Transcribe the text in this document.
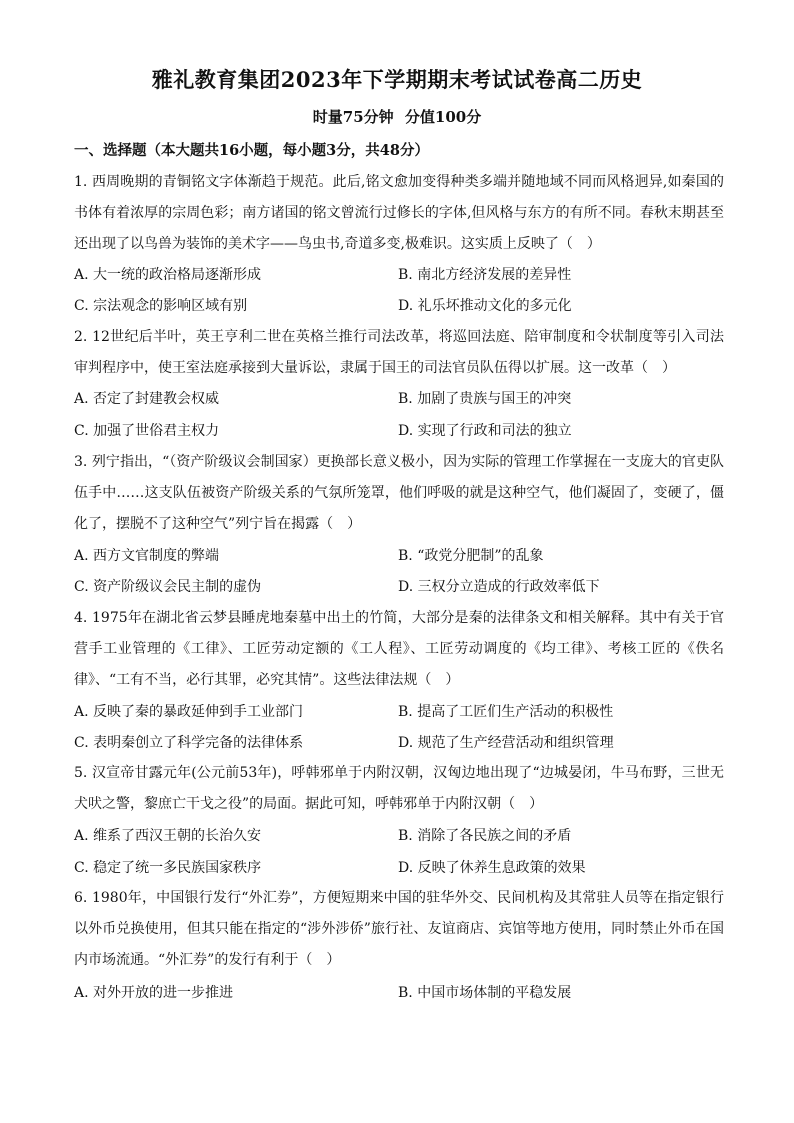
雅礼教育集团2023年下学期期末考试试卷高二历史
时量75分钟 分值100分
一、选择题（本大题共16小题，每小题3分，共48分）
1. 西周晚期的青铜铭文字体渐趋于规范。此后,铭文愈加变得种类多端并随地域不同而风格迥异,如秦国的书体有着浓厚的宗周色彩；南方诸国的铭文曾流行过修长的字体,但风格与东方的有所不同。春秋末期甚至还出现了以鸟兽为装饰的美术字——鸟虫书,奇道多变,极难识。这实质上反映了（　）
A. 大一统的政治格局逐渐形成	B. 南北方经济发展的差异性
C. 宗法观念的影响区域有别	D. 礼乐坏推动文化的多元化
2. 12世纪后半叶，英王亨利二世在英格兰推行司法改革，将巡回法庭、陪审制度和令状制度等引入司法审判程序中，使王室法庭承接到大量诉讼，隶属于国王的司法官员队伍得以扩展。这一改革（　）
A. 否定了封建教会权威	B. 加剧了贵族与国王的冲突
C. 加强了世俗君主权力	D. 实现了行政和司法的独立
3. 列宁指出，“（资产阶级议会制国家）更换部长意义极小，因为实际的管理工作掌握在一支庞大的官吏队伍手中……这支队伍被资产阶级关系的气氛所笼罩，他们呼吸的就是这种空气，他们凝固了，变硬了，僵化了，摆脱不了这种空气”列宁旨在揭露（　）
A. 西方文官制度的弊端	B. “政党分肥制”的乱象
C. 资产阶级议会民主制的虚伪	D. 三权分立造成的行政效率低下
4. 1975年在湖北省云梦县睡虎地秦墓中出土的竹简，大部分是秦的法律条文和相关解释。其中有关于官营手工业管理的《工律》、工匠劳动定额的《工人程》、工匠劳动调度的《均工律》、考核工匠的《佚名律》、“工有不当，必行其罪，必究其情”。这些法律法规（　）
A. 反映了秦的暴政延伸到手工业部门	B. 提高了工匠们生产活动的积极性
C. 表明秦创立了科学完备的法律体系	D. 规范了生产经营活动和组织管理
5. 汉宣帝甘露元年(公元前53年)，呼韩邪单于内附汉朝，汉匈边地出现了“边城晏闭，牛马布野，三世无犬吠之警，黎庶亡干戈之役”的局面。据此可知，呼韩邪单于内附汉朝（　）
A. 维系了西汉王朝的长治久安	B. 消除了各民族之间的矛盾
C. 稳定了统一多民族国家秩序	D. 反映了休养生息政策的效果
6. 1980年，中国银行发行“外汇券”，方便短期来中国的驻华外交、民间机构及其常驻人员等在指定银行以外币兑换使用，但其只能在指定的“涉外涉侨”旅行社、友谊商店、宾馆等地方使用，同时禁止外币在国内市场流通。“外汇券”的发行有利于（　）
A. 对外开放的进一步推进	B. 中国市场体制的平稳发展
